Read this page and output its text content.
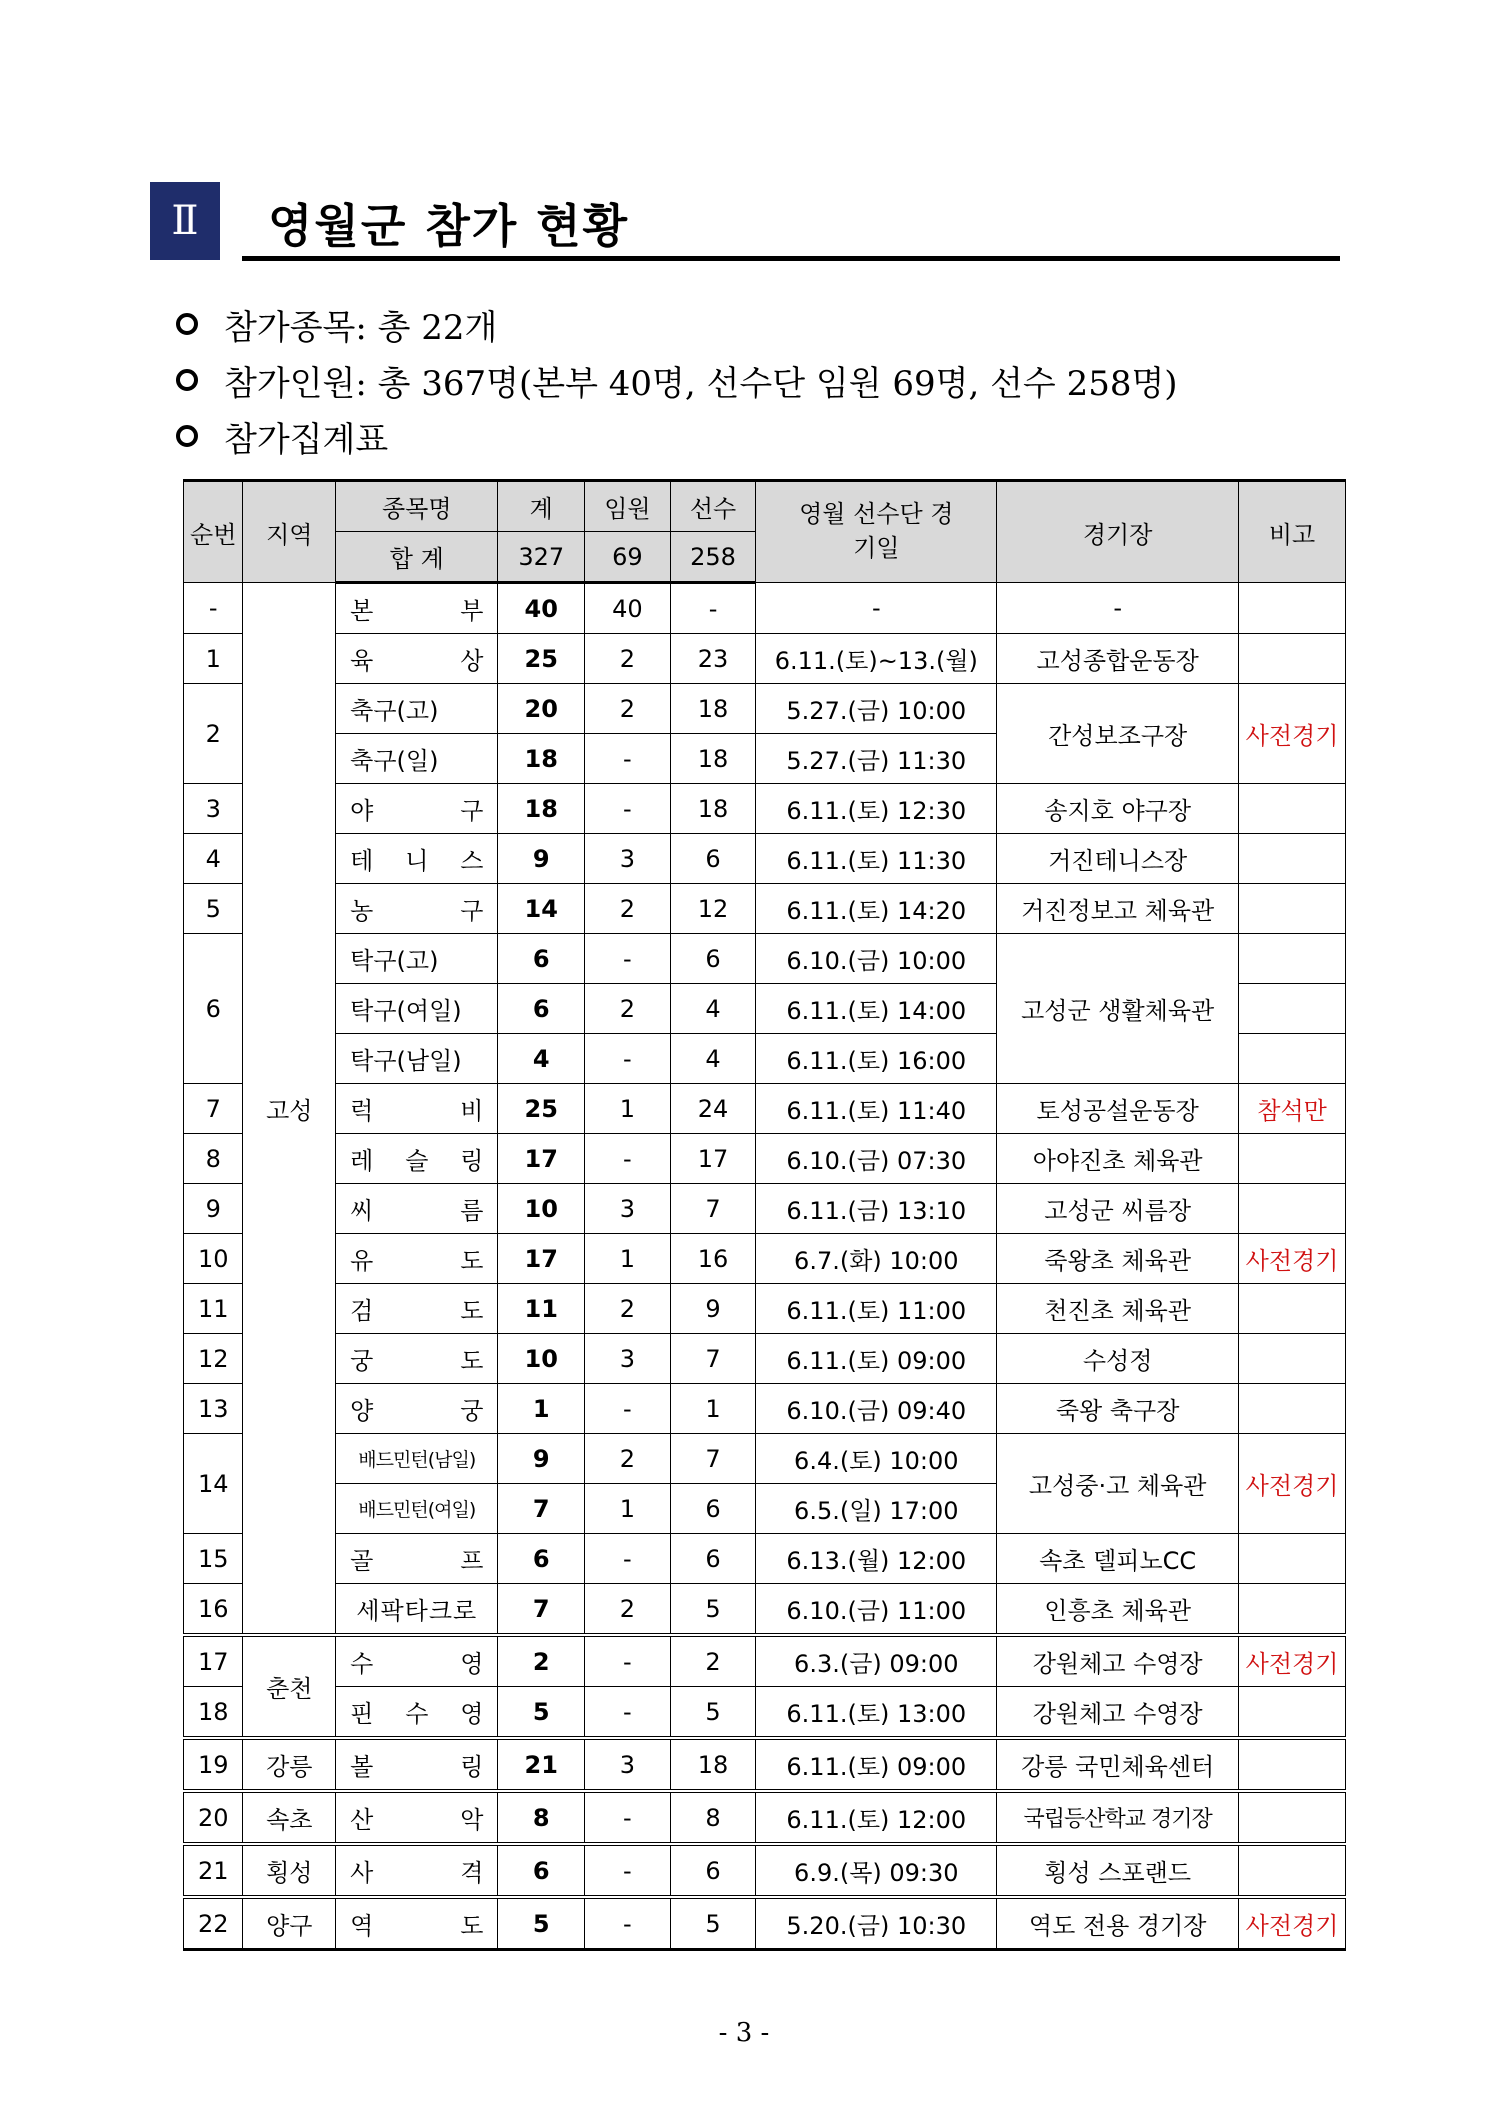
Ⅱ	영월군 참가 현황
참가종목: 총 22개
참가인원: 총 367명(본부 40명, 선수단 임원 69명, 선수 258명)
참가집계표
순번	지역	종목명	계	임원	선수	영월 선수단 경기일	경기장	비고
		합 계	327	69	258			
-	고성	본 부	40	40	-	-	-	
1		육 상	25	2	23	6.11.(토)~13.(월)	고성종합운동장	
2		축구(고)	20	2	18	5.27.(금) 10:00	간성보조구장	사전경기
		축구(일)	18	-	18	5.27.(금) 11:30		
3		야 구	18	-	18	6.11.(토) 12:30	송지호 야구장	
4		테 니 스	9	3	6	6.11.(토) 11:30	거진테니스장	
5		농 구	14	2	12	6.11.(토) 14:20	거진정보고 체육관	
6		탁구(고)	6	-	6	6.10.(금) 10:00	고성군 생활체육관	
		탁구(여일)	6	2	4	6.11.(토) 14:00		
		탁구(남일)	4	-	4	6.11.(토) 16:00		
7		럭 비	25	1	24	6.11.(토) 11:40	토성공설운동장	참석만
8		레 슬 링	17	-	17	6.10.(금) 07:30	아야진초 체육관	
9		씨 름	10	3	7	6.11.(금) 13:10	고성군 씨름장	
10		유 도	17	1	16	6.7.(화) 10:00	죽왕초 체육관	사전경기
11		검 도	11	2	9	6.11.(토) 11:00	천진초 체육관	
12		궁 도	10	3	7	6.11.(토) 09:00	수성정	
13		양 궁	1	-	1	6.10.(금) 09:40	죽왕 축구장	
14		배드민턴(남일)	9	2	7	6.4.(토) 10:00	고성중·고 체육관	사전경기
		배드민턴(여일)	7	1	6	6.5.(일) 17:00		
15		골 프	6	-	6	6.13.(월) 12:00	속초 델피노CC	
16		세팍타크로	7	2	5	6.10.(금) 11:00	인흥초 체육관	
17	춘천	수 영	2	-	2	6.3.(금) 09:00	강원체고 수영장	사전경기
18		핀 수 영	5	-	5	6.11.(토) 13:00	강원체고 수영장	
19	강릉	볼 링	21	3	18	6.11.(토) 09:00	강릉 국민체육센터	
20	속초	산 악	8	-	8	6.11.(토) 12:00	국립등산학교 경기장	
21	횡성	사 격	6	-	6	6.9.(목) 09:30	횡성 스포랜드	
22	양구	역 도	5	-	5	5.20.(금) 10:30	역도 전용 경기장	사전경기
- 3 -
